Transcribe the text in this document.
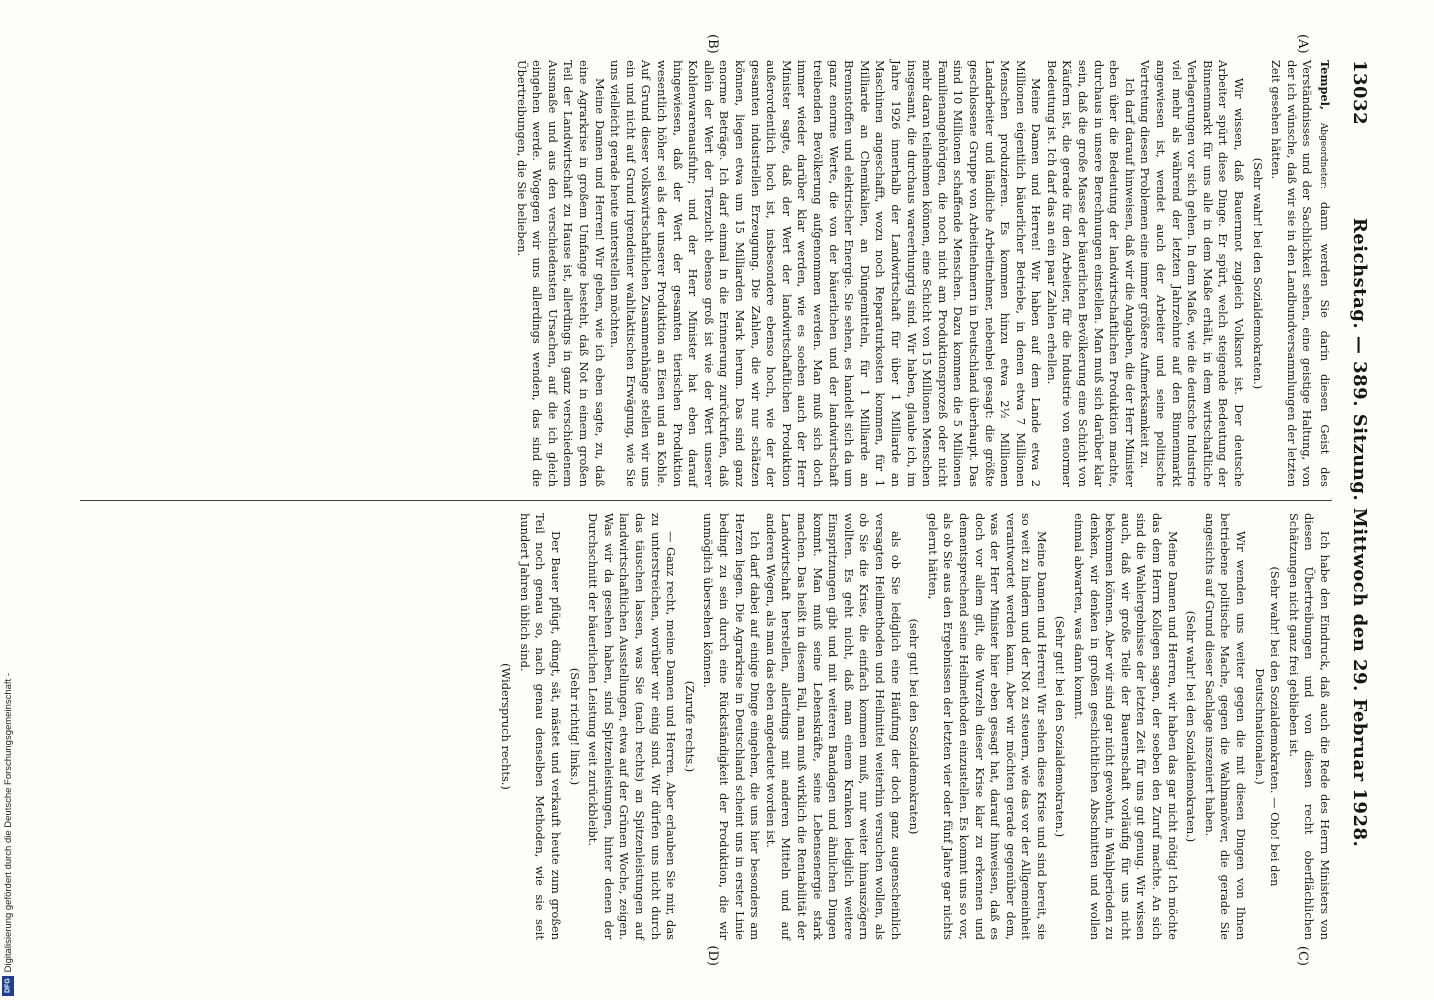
Digitalisierung gefördert durch die Deutsche Forschungsgemeinschaft -
DFG
13032
Reichstag. — 389. Sitzung. Mittwoch den 29. Februar 1928.

Tempel, Abgeordneter: dann werden Sie darin diesen Geist des Verständnisses und der Sachlichkeit sehen, eine geistige Haltung, von der ich wünsche, daß wir sie in den Landbundversammlungen der letzten Zeit gesehen hätten.

(Sehr wahr! bei den Sozialdemokraten.)

Wir wissen, daß Bauernnot zugleich Volksnot ist. Der deutsche Arbeiter spürt diese Dinge. Er spürt, welch steigende Bedeutung der Binnenmarkt für uns alle in dem Maße erhält, in dem wirtschaftliche Verlagerungen vor sich gehen. In dem Maße, wie die deutsche Industrie viel mehr als während der letzten Jahrzehnte auf den Binnenmarkt angewiesen ist, wendet auch der Arbeiter und seine politische Vertretung diesen Problemen eine immer größere Aufmerksamkeit zu.

Ich darf darauf hinweisen, daß wir die Angaben, die der Herr Minister eben über die Bedeutung der landwirtschaftlichen Produktion machte, durchaus in unsere Berechnungen einstellen. Man muß sich darüber klar sein, daß die große Masse der bäuerlichen Bevölkerung eine Schicht von Käufern ist, die gerade für den Arbeiter, für die Industrie von enormer Bedeutung ist. Ich darf das an ein paar Zahlen erhellen.

Meine Damen und Herren! Wir haben auf dem Lande etwa 2 Millionen eigentlich bäuerlicher Betriebe, in denen etwa 7 Millionen Menschen produzieren. Es kommen hinzu etwa 2½ Millionen Landarbeiter und ländliche Arbeitnehmer, nebenbei gesagt: die größte geschlossene Gruppe von Arbeitnehmern in Deutschland überhaupt. Das sind 10 Millionen schaffende Menschen. Dazu kommen die 5 Millionen Familienangehörigen, die noch nicht am Produktionsprozeß oder nicht mehr daran teilnehmen können, eine Schicht von 15 Millionen Menschen insgesamt, die durchaus wareerhungrig sind. Wir haben, glaube ich, im Jahre 1926 innerhalb der Landwirtschaft für über 1 Milliarde an Maschinen angeschafft, wozu noch Reparaturkosten kommen, für 1 Milliarde an Chemikalien, an Düngemitteln, für 1 Milliarde an Brennstoffen und elektrischer Energie. Sie sehen, es handelt sich da um ganz enorme Werte, die von der bäuerlichen und der landwirtschaft treibenden Bevölkerung aufgenommen werden. Man muß sich doch immer wieder darüber klar werden, wie es soeben auch der Herr Minister sagte, daß der Wert der landwirtschaftlichen Produktion außerordentlich hoch ist, insbesondere ebenso hoch, wie der der gesamten industriellen Erzeugung. Die Zahlen, die wir nur schätzen können, liegen etwa um 15 Milliarden Mark herum. Das sind ganz enorme Beträge. Ich darf einmal in die Erinnerung zurückrufen, daß allein der Wert der Tierzucht ebenso groß ist wie der Wert unserer Kohlenwarenausfuhr; und der Herr Minister hat eben darauf hingewiesen, daß der Wert der gesamten tierischen Produktion wesentlich höher sei als der unserer Produktion an Eisen und an Kohle. Auf Grund dieser volkswirtschaftlichen Zusammenhänge stellen wir uns ein und nicht auf Grund irgendeiner wahltaktischen Erwägung, wie Sie uns vielleicht gerade heute unterstellen möchten.

Meine Damen und Herren! Wir geben, wie ich eben sagte, zu, daß eine Agrarkrise in großem Umfange besteht, daß Not in einem großen Teil der Landwirtschaft zu Hause ist, allerdings in ganz verschiedenem Ausmaße und aus den verschiedensten Ursachen, auf die ich gleich eingehen werde. Wogegen wir uns allerdings wenden, das sind die Übertreibungen, die Sie belieben.

Ich habe den Eindruck, daß auch die Rede des Herrn Ministers von diesen Übertreibungen und von diesen recht oberflächlichen Schätzungen nicht ganz frei geblieben ist.

(Sehr wahr! bei den Sozialdemokraten. — Oho! bei den Deutschnationalen.)

Wir wenden uns weiter gegen die mit diesen Dingen von Ihnen betriebene politische Mache, gegen die Wahlmanöver, die gerade Sie angesichts auf Grund dieser Sachlage inszeniert haben.

(Sehr wahr! bei den Sozialdemokraten.)

Meine Damen und Herren, wir haben das gar nicht nötig! Ich möchte das dem Herrn Kollegen sagen, der soeben den Zuruf machte. An sich sind die Wahlergebnisse der letzten Zeit für uns gut genug. Wir wissen auch, daß wir große Teile der Bauernschaft vorläufig für uns nicht bekommen können. Aber wir sind gar nicht gewohnt, in Wahlperioden zu denken, wir denken in großen geschichtlichen Abschnitten und wollen einmal abwarten, was dann kommt.

(Sehr gut! bei den Sozialdemokraten.)

Meine Damen und Herren! Wir sehen diese Krise und sind bereit, sie so weit zu lindern und der Not zu steuern, wie das vor der Allgemeinheit verantwortet werden kann. Aber wir möchten gerade gegenüber dem, was der Herr Minister hier eben gesagt hat, darauf hinweisen, daß es doch vor allem gilt, die Wurzeln dieser Krise klar zu erkennen und dementsprechend seine Heilmethoden einzustellen. Es kommt uns so vor, als ob Sie aus den Ergebnissen der letzten vier oder fünf Jahre gar nichts gelernt hätten,

(sehr gut! bei den Sozialdemokraten)

als ob Sie lediglich eine Häufung der doch ganz augenscheinlich versagten Heilmethoden und Heilmittel weiterhin versuchen wollen, als ob Sie die Krise, die einfach kommen muß, nur weiter hinauszögern wollten. Es geht nicht, daß man einem Kranken lediglich weitere Einspritzungen gibt und mit weiteren Bandagen und ähnlichen Dingen kommt. Man muß seine Lebenskräfte, seine Lebensenergie stark machen. Das heißt in diesem Fall, man muß wirklich die Rentabilität der Landwirtschaft herstellen, allerdings mit anderen Mitteln und auf anderen Wegen, als man das eben angedeutet worden ist.

Ich darf dabei auf einige Dinge eingehen, die uns hier besonders am Herzen liegen. Die Agrarkrise in Deutschland scheint uns in erster Linie bedingt zu sein durch eine Rückständigkeit der Produktion, die wir unmöglich übersehen können.

(Zurufe rechts.)

— Ganz recht, meine Damen und Herren. Aber erlauben Sie mir, das zu unterstreichen, worüber wir einig sind. Wir dürfen uns nicht durch das täuschen lassen, was Sie (nach rechts) an Spitzenleistungen auf landwirtschaftlichen Ausstellungen, etwa auf der Grünen Woche, zeigen. Was wir da gesehen haben, sind Spitzenleistungen, hinter denen der Durchschnitt der bäuerlichen Leistung weit zurückbleibt.

(Sehr richtig! links.)

Der Bauer pflügt, düngt, sät, mästet und verkauft heute zum großen Teil noch genau so, nach genau denselben Methoden, wie sie seit hundert Jahren üblich sind.

(Widerspruch rechts.)

(A)
(B)
(C)
(D)
